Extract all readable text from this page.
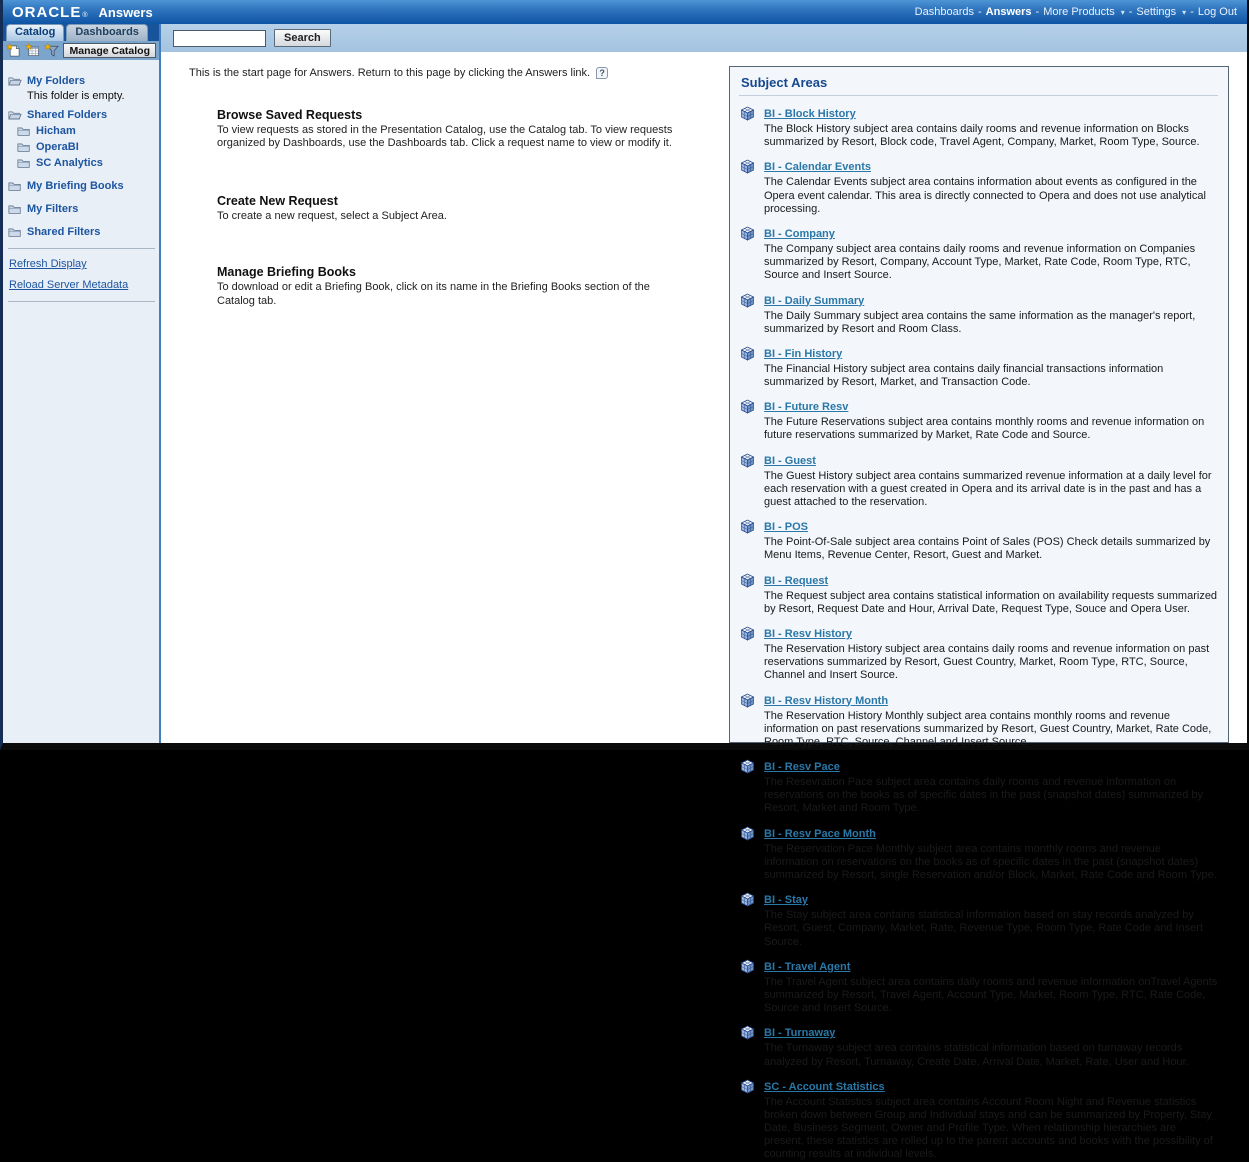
ORACLE ® Answers	Dashboards - Answers - More Products ▾ - Settings ▾ - Log Out
Search
Catalog	Dashboards
Manage Catalog
My Folders
This folder is empty.
Shared Folders
Hicham
OperaBI
SC Analytics
My Briefing Books
My Filters
Shared Filters
Refresh Display
Reload Server Metadata
This is the start page for Answers. Return to this page by clicking the Answers link.	?
Browse Saved Requests
To view requests as stored in the Presentation Catalog, use the Catalog tab. To view requests organized by Dashboards, use the Dashboards tab. Click a request name to view or modify it.
Create New Request
To create a new request, select a Subject Area.
Manage Briefing Books
To download or edit a Briefing Book, click on its name in the Briefing Books section of the Catalog tab.
Subject Areas
BI - Block History
The Block History subject area contains daily rooms and revenue information on Blocks summarized by Resort, Block code, Travel Agent, Company, Market, Room Type, Source.
BI - Calendar Events
The Calendar Events subject area contains information about events as configured in the Opera event calendar. This area is directly connected to Opera and does not use analytical processing.
BI - Company
The Company subject area contains daily rooms and revenue information on Companies summarized by Resort, Company, Account Type, Market, Rate Code, Room Type, RTC, Source and Insert Source.
BI - Daily Summary
The Daily Summary subject area contains the same information as the manager's report, summarized by Resort and Room Class.
BI - Fin History
The Financial History subject area contains daily financial transactions information summarized by Resort, Market, and Transaction Code.
BI - Future Resv
The Future Reservations subject area contains monthly rooms and revenue information on future reservations summarized by Market, Rate Code and Source.
BI - Guest
The Guest History subject area contains summarized revenue information at a daily level for each reservation with a guest created in Opera and its arrival date is in the past and has a guest attached to the reservation.
BI - POS
The Point-Of-Sale subject area contains Point of Sales (POS) Check details summarized by Menu Items, Revenue Center, Resort, Guest and Market.
BI - Request
The Request subject area contains statistical information on availability requests summarized by Resort, Request Date and Hour, Arrival Date, Request Type, Souce and Opera User.
BI - Resv History
The Reservation History subject area contains daily rooms and revenue information on past reservations summarized by Resort, Guest Country, Market, Room Type, RTC, Source, Channel and Insert Source.
BI - Resv History Month
The Reservation History Monthly subject area contains monthly rooms and revenue information on past reservations summarized by Resort, Guest Country, Market, Rate Code, Room Type, RTC, Source, Channel and Insert Source.
BI - Resv Pace
The Resevration Pace subject area contains daily rooms and revenue information on reservations on the books as of specific dates in the past (snapshot dates) summarized by Resort, Market and Room Type.
BI - Resv Pace Month
The Reservation Pace Monthly subject area contains monthly rooms and revenue information on reservations on the books as of specific dates in the past (snapshot dates) summarized by Resort, single Reservation and/or Block, Market, Rate Code and Room Type.
BI - Stay
The Stay subject area contains statistical information based on stay records analyzed by Resort, Guest, Company, Market, Rate, Revenue Type, Room Type, Rate Code and Insert Source.
BI - Travel Agent
The Travel Agent subject area contains daily rooms and revenue information onTravel Agents summarized by Resort, Travel Agent, Account Type, Market, Room Type, RTC, Rate Code, Source and Insert Source.
BI - Turnaway
The Turnaway subject area contains statistical information based on turnaway records analyzed by Resort, Turnaway, Create Date, Arrival Date, Market, Rate, User and Hour.
SC - Account Statistics
The Account Statistics subject area contains Account Room Night and Revenue statistics broken down between Group and Individual stays and can be summarized by Property, Stay Date, Business Segment, Owner and Profile Type. When relationship hierarchies are present, these statistics are rolled up to the parent accounts and books with the possibility of counting results at individual levels.
